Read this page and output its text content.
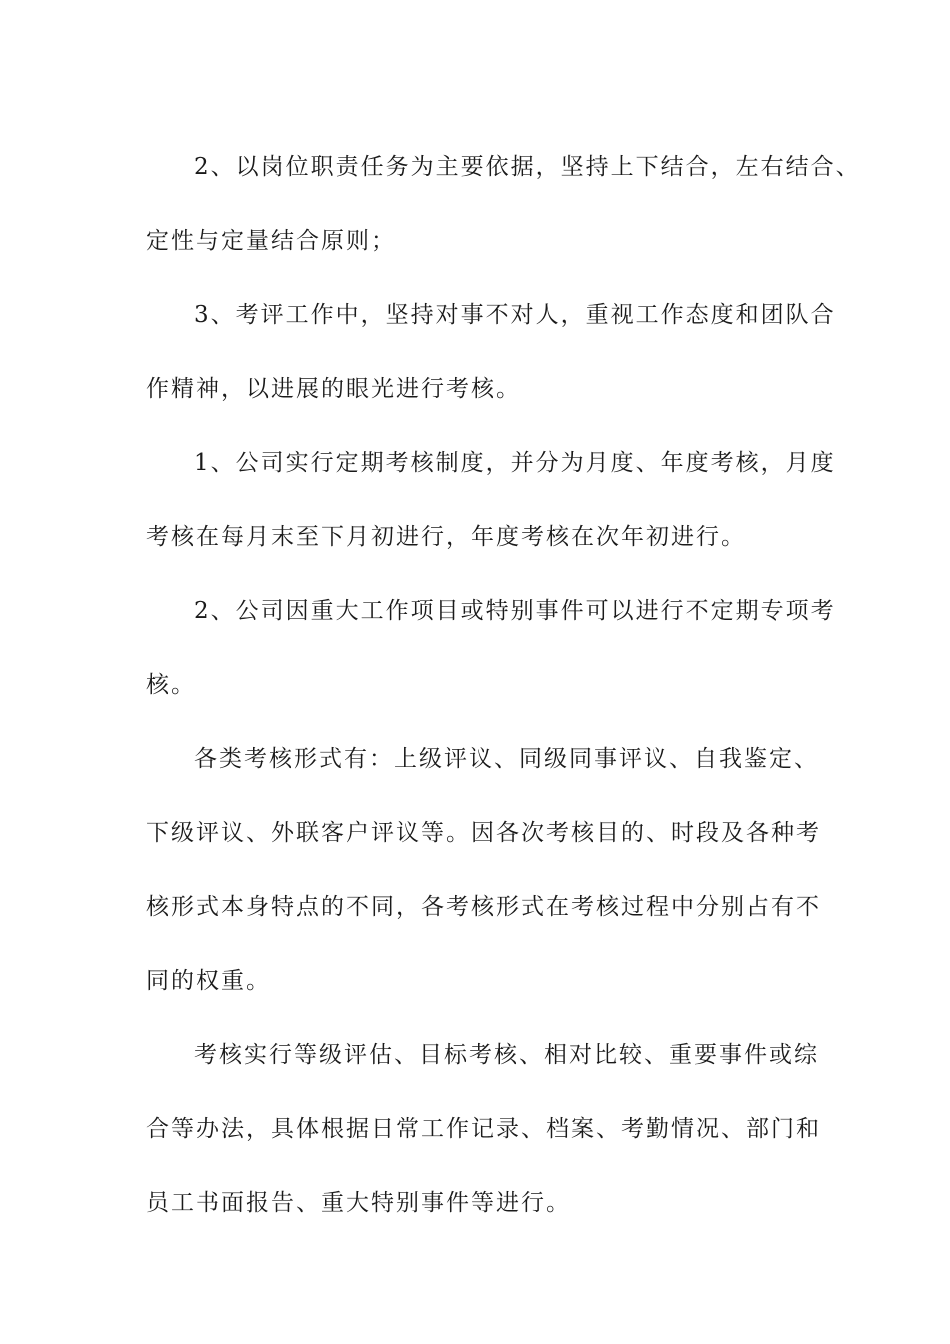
2、以岗位职责任务为主要依据，坚持上下结合，左右结合、
定性与定量结合原则；

3、考评工作中，坚持对事不对人，重视工作态度和团队合
作精神，以进展的眼光进行考核。

1、公司实行定期考核制度，并分为月度、年度考核，月度
考核在每月末至下月初进行，年度考核在次年初进行。

2、公司因重大工作项目或特别事件可以进行不定期专项考
核。

各类考核形式有：上级评议、同级同事评议、自我鉴定、
下级评议、外联客户评议等。因各次考核目的、时段及各种考
核形式本身特点的不同，各考核形式在考核过程中分别占有不
同的权重。

考核实行等级评估、目标考核、相对比较、重要事件或综
合等办法，具体根据日常工作记录、档案、考勤情况、部门和
员工书面报告、重大特别事件等进行。
